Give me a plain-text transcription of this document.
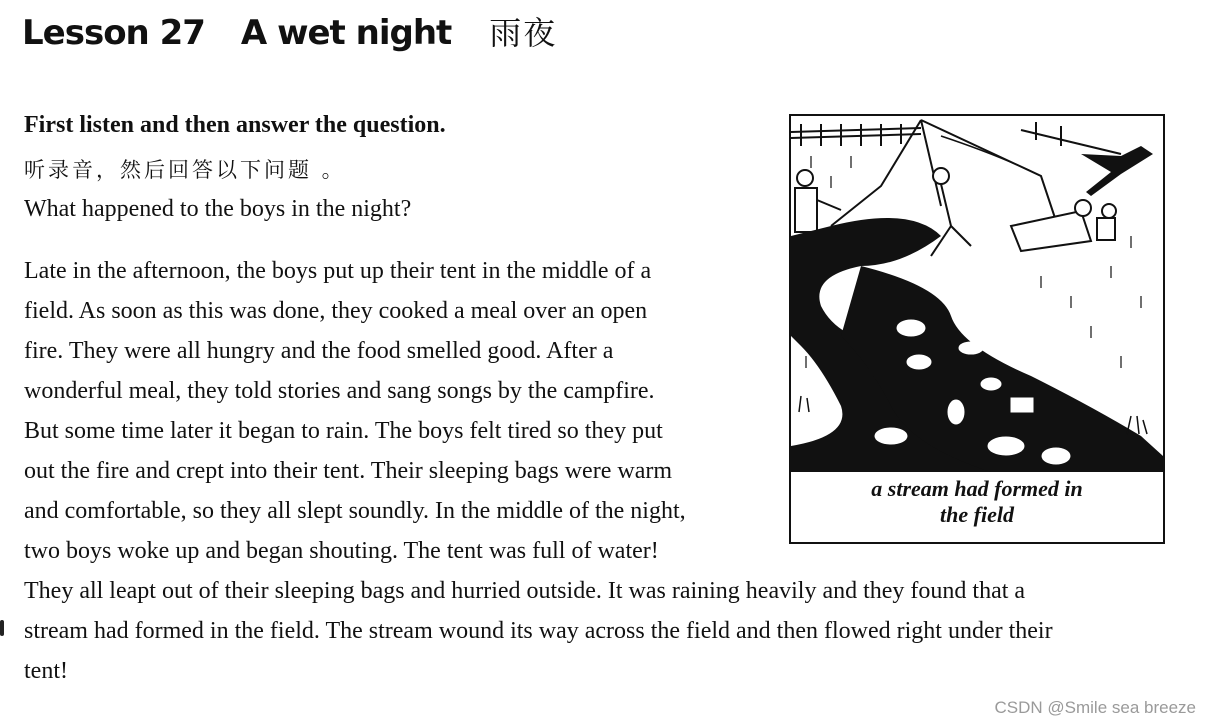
Lesson 27 A wet night 雨夜
First listen and then answer the question.
听录音，然后回答以下问题 。
What happened to the boys in the night?
Late in the afternoon, the boys put up their tent in the middle of a
field. As soon as this was done, they cooked a meal over an open
fire. They were all hungry and the food smelled good. After a
wonderful meal, they told stories and sang songs by the campfire.
But some time later it began to rain. The boys felt tired so they put
out the fire and crept into their tent. Their sleeping bags were warm
and comfortable, so they all slept soundly. In the middle of the night,
two boys woke up and began shouting. The tent was full of water!
They all leapt out of their sleeping bags and hurried outside. It was raining heavily and they found that a
stream had formed in the field. The stream wound its way across the field and then flowed right under their
tent!
a stream had formed in
the field
CSDN @Smile sea breeze
